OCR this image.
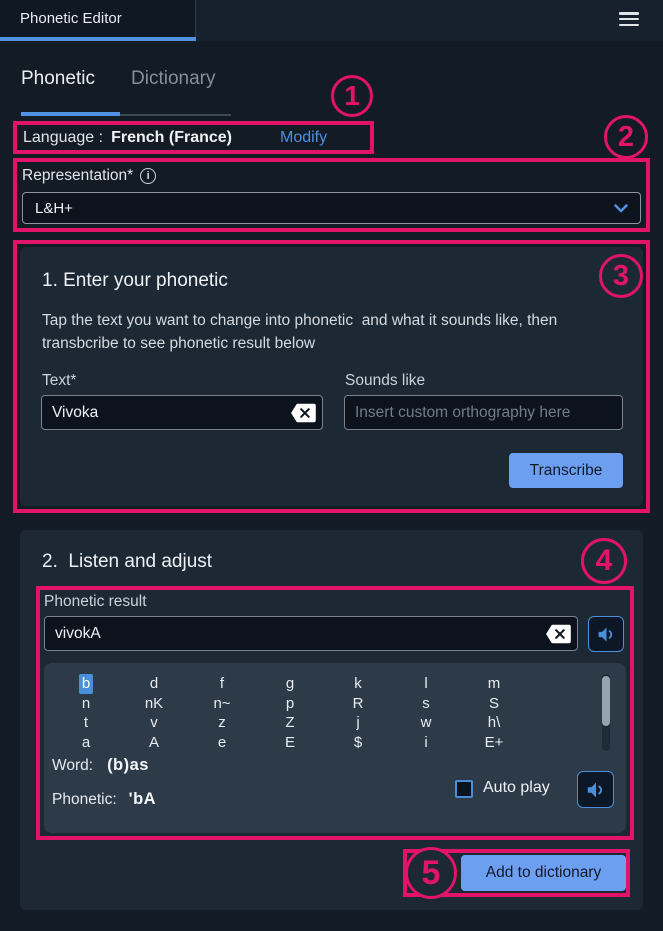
Phonetic Editor
Phonetic Dictionary
Language : French (France)	Modify
Representation*	i
L&H+
1. Enter your phonetic
Tap the text you want to change into phonetic  and what it sounds like, then transbcribe to see phonetic result below
Text*	Sounds like
Vivoka
Insert custom orthography here
Transcribe
2.  Listen and adjust
Phonetic result
vivokA
b	d	f	g	k	l	m
n	nK	n~	p	R	s	S
t	v	z	Z	j	w	h\
a	A	e	E	$	i	E+
Word: (b)as
Phonetic: 'bA
Auto play
Add to dictionary
1
2
3
4
5
